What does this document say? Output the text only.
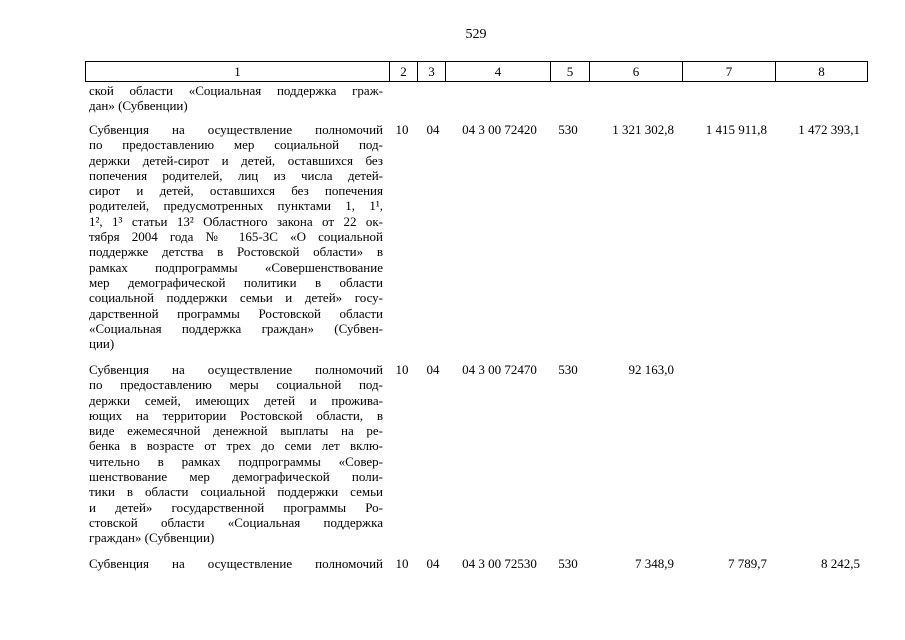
529
1	2	3	4	5	6	7	8
ской области «Социальная поддержка граж-
дан» (Субвенции)
Субвенция на осуществление полномочий
по предоставлению мер социальной под-
держки детей-сирот и детей, оставшихся без
попечения родителей, лиц из числа детей-
сирот и детей, оставшихся без попечения
родителей, предусмотренных пунктами 1, 1¹,
1², 1³ статьи 13² Областного закона от 22 ок-
тября 2004 года № 165-ЗС «О социальной
поддержке детства в Ростовской области» в
рамках подпрограммы «Совершенствование
мер демографической политики в области
социальной поддержки семьи и детей» госу-
дарственной программы Ростовской области
«Социальная поддержка граждан» (Субвен-
ции)
10	04	04 3 00 72420	530	1 321 302,8	1 415 911,8	1 472 393,1
Субвенция на осуществление полномочий
по предоставлению меры социальной под-
держки семей, имеющих детей и прожива-
ющих на территории Ростовской области, в
виде ежемесячной денежной выплаты на ре-
бенка в возрасте от трех до семи лет вклю-
чительно в рамках подпрограммы «Совер-
шенствование мер демографической поли-
тики в области социальной поддержки семьи
и детей» государственной программы Ро-
стовской области «Социальная поддержка
граждан» (Субвенции)
10	04	04 3 00 72470	530	92 163,0
Субвенция на осуществление полномочий 10	04	04 3 00 72530	530	7 348,9	7 789,7	8 242,5
